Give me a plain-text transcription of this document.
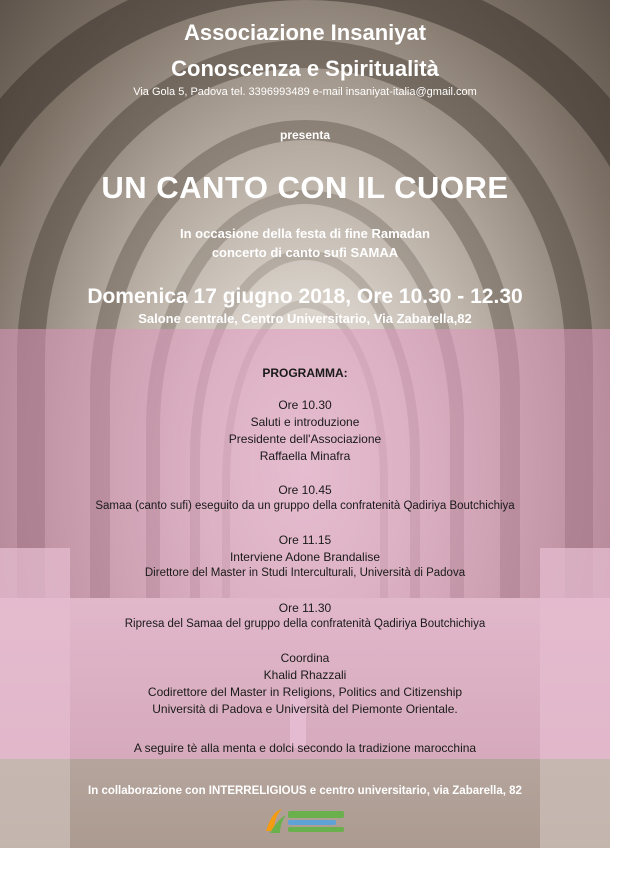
Associazione Insaniyat
Conoscenza e Spiritualità
Via Gola 5, Padova tel. 3396993489 e-mail insaniyat-italia@gmail.com
presenta
UN CANTO CON IL CUORE
In occasione della festa di fine Ramadan
concerto di canto sufi SAMAA
Domenica 17 giugno 2018, Ore 10.30 - 12.30
Salone centrale, Centro Universitario, Via Zabarella,82
PROGRAMMA:
Ore 10.30
Saluti e introduzione
Presidente dell'Associazione
Raffaella Minafra
Ore 10.45
Samaa (canto sufi) eseguito da un gruppo della confratenità Qadiriya Boutchichiya
Ore 11.15
Interviene Adone Brandalise
Direttore del Master in Studi Interculturali, Università di Padova
Ore 11.30
Ripresa del Samaa del gruppo della confratenità Qadiriya Boutchichiya
Coordina
Khalid Rhazzali
Codirettore del Master in Religions, Politics and Citizenship
Università di Padova e Università del Piemonte Orientale.
A seguire tè alla menta e dolci secondo la tradizione marocchina
In collaborazione con INTERRELIGIOUS e centro universitario, via Zabarella, 82
